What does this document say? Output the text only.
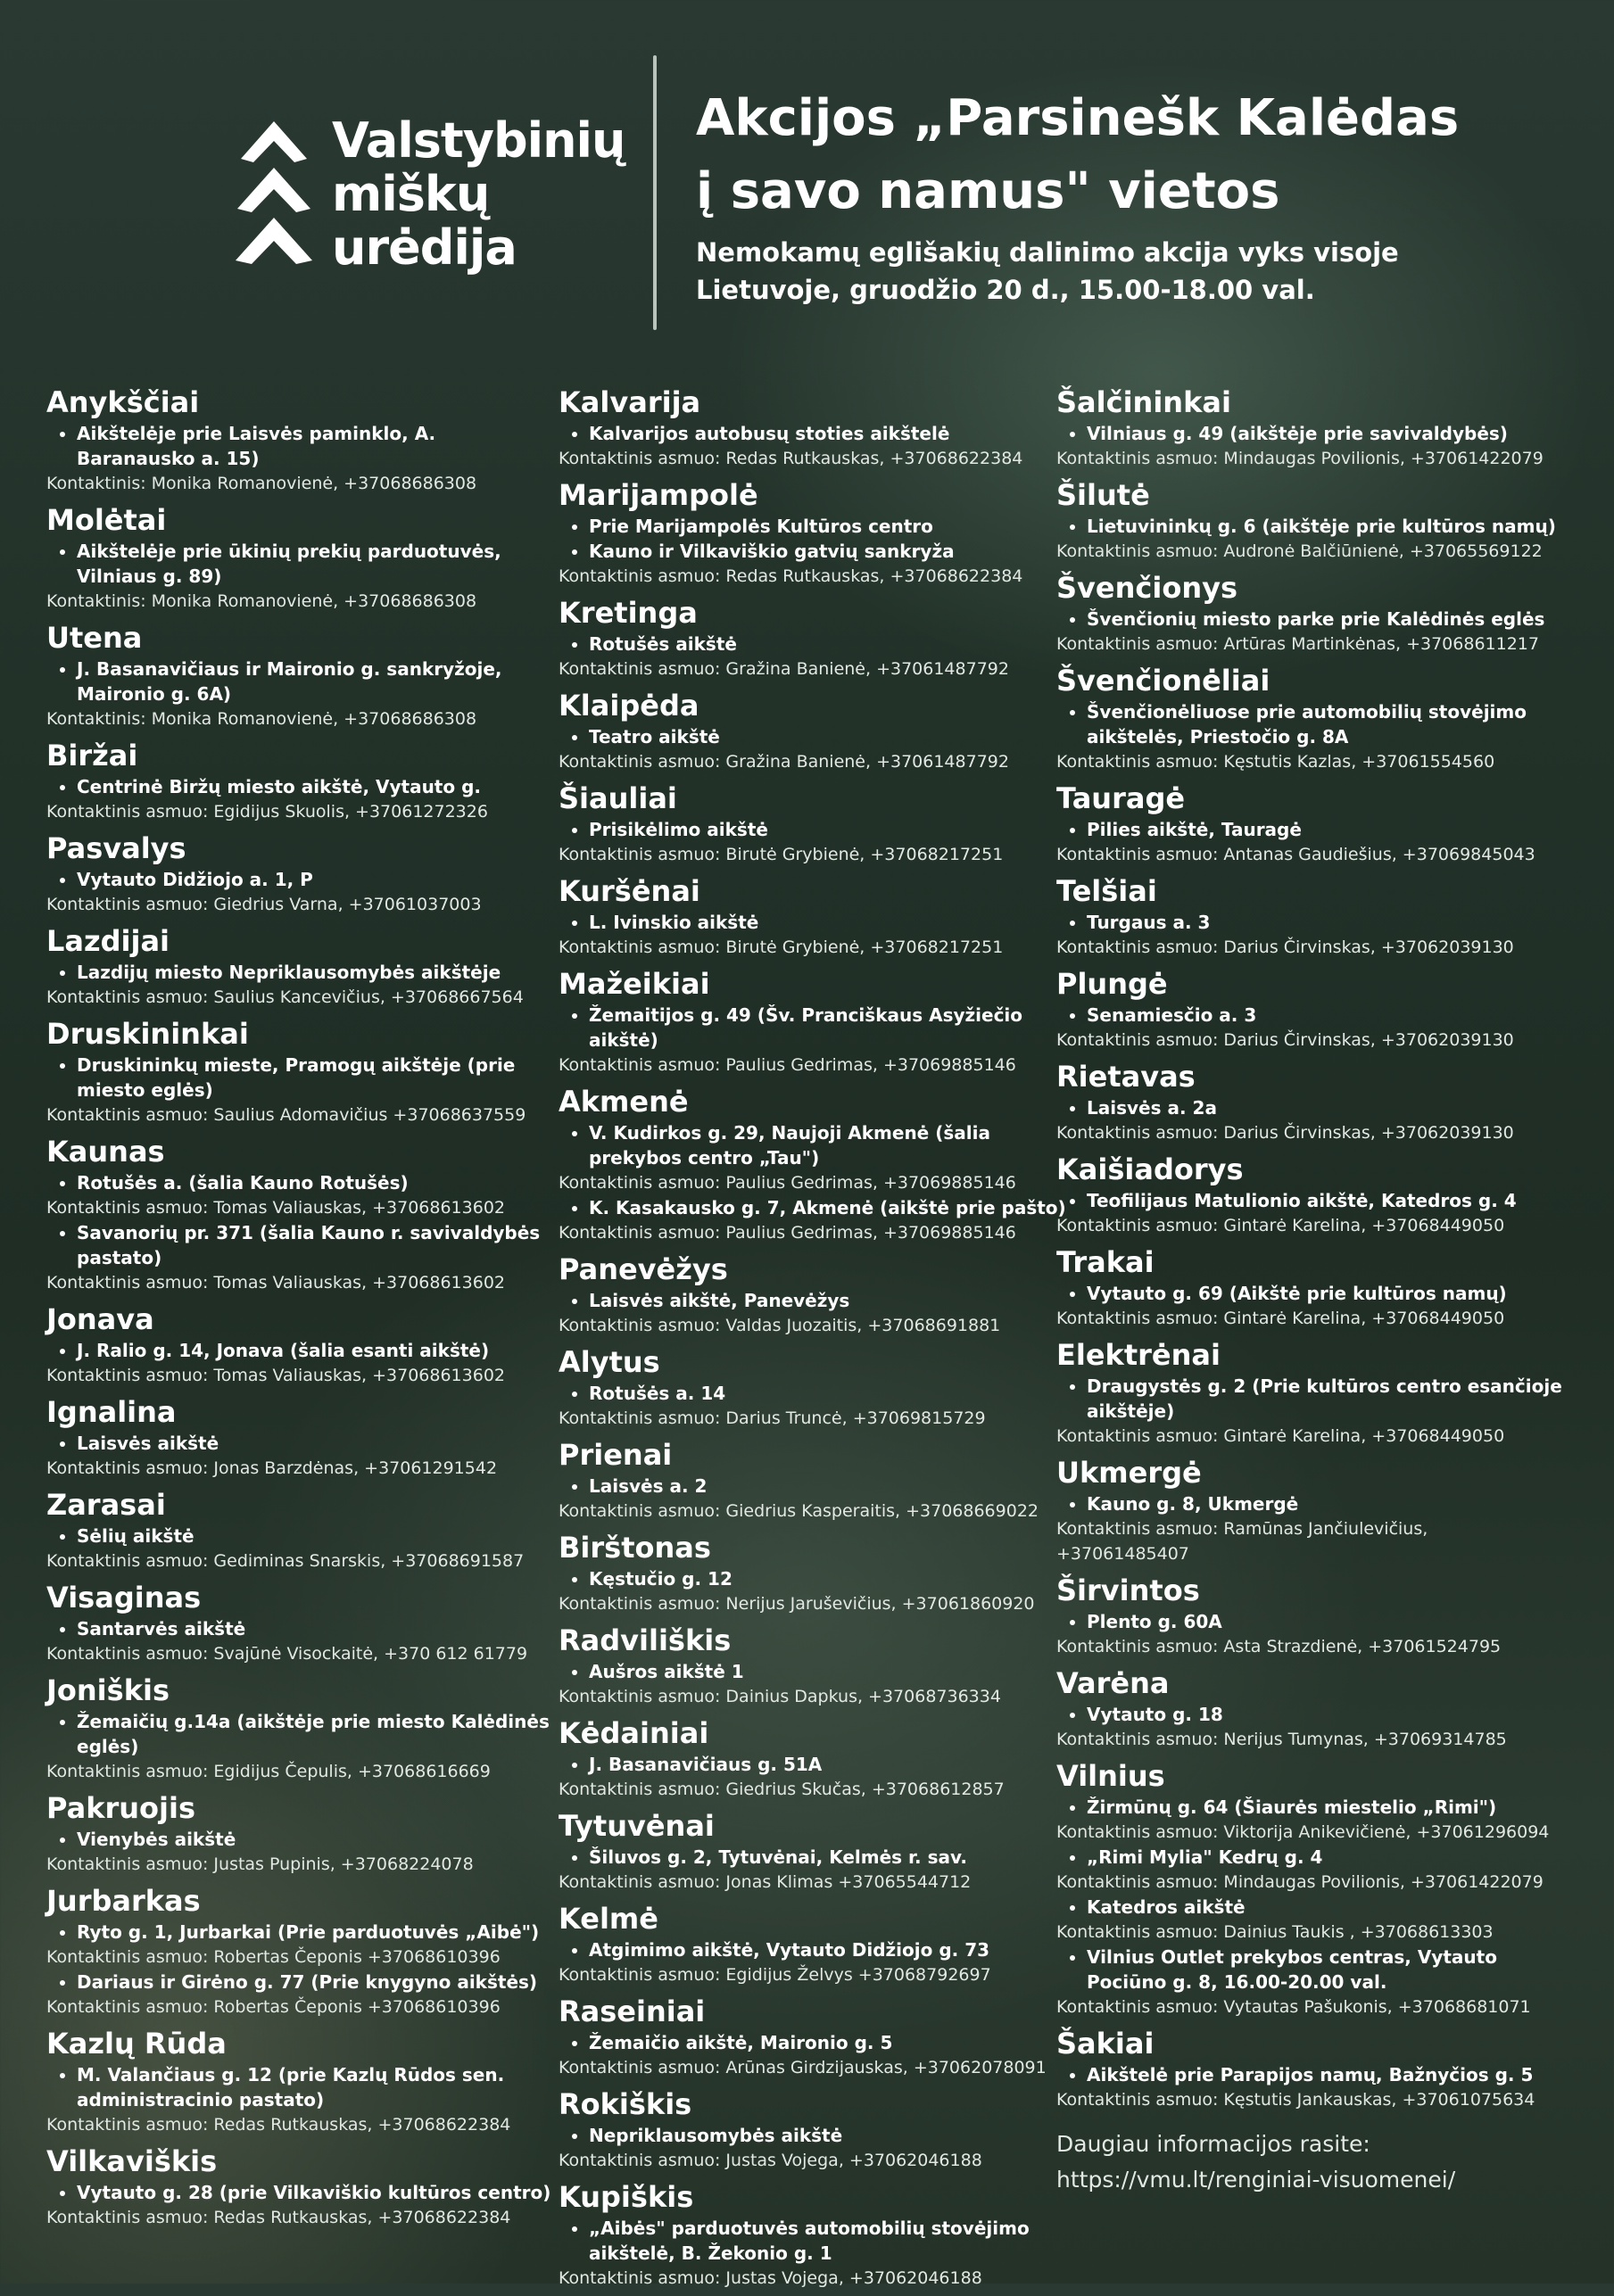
Valstybinių
miškų
urėdija
Akcijos „Parsinešk Kalėdas
į savo namus" vietos
Nemokamų eglišakių dalinimo akcija vyks visoje
Lietuvoje, gruodžio 20 d., 15.00-18.00 val.
Anykščiai
• Aikštelėje prie Laisvės paminklo, A. Baranausko a. 15)
Kontaktinis: Monika Romanovienė, +37068686308
Molėtai
• Aikštelėje prie ūkinių prekių parduotuvės, Vilniaus g. 89)
Kontaktinis: Monika Romanovienė, +37068686308
Utena
• J. Basanavičiaus ir Maironio g. sankryžoje, Maironio g. 6A)
Kontaktinis: Monika Romanovienė, +37068686308
Biržai
• Centrinė Biržų miesto aikštė, Vytauto g.
Kontaktinis asmuo: Egidijus Skuolis, +37061272326
Pasvalys
• Vytauto Didžiojo a. 1, P
Kontaktinis asmuo: Giedrius Varna, +37061037003
Lazdijai
• Lazdijų miesto Nepriklausomybės aikštėje
Kontaktinis asmuo: Saulius Kancevičius, +37068667564
Druskininkai
• Druskininkų mieste, Pramogų aikštėje (prie miesto eglės)
Kontaktinis asmuo: Saulius Adomavičius +37068637559
Kaunas
• Rotušės a. (šalia Kauno Rotušės)
Kontaktinis asmuo: Tomas Valiauskas, +37068613602
• Savanorių pr. 371 (šalia Kauno r. savivaldybės pastato)
Kontaktinis asmuo: Tomas Valiauskas, +37068613602
Jonava
• J. Ralio g. 14, Jonava (šalia esanti aikštė)
Kontaktinis asmuo: Tomas Valiauskas, +37068613602
Ignalina
• Laisvės aikštė
Kontaktinis asmuo: Jonas Barzdėnas, +37061291542
Zarasai
• Sėlių aikštė
Kontaktinis asmuo: Gediminas Snarskis, +37068691587
Visaginas
• Santarvės aikštė
Kontaktinis asmuo: Svajūnė Visockaitė, +370 612 61779
Joniškis
• Žemaičių g.14a (aikštėje prie miesto Kalėdinės eglės)
Kontaktinis asmuo: Egidijus Čepulis, +37068616669
Pakruojis
• Vienybės aikštė
Kontaktinis asmuo: Justas Pupinis, +37068224078
Jurbarkas
• Ryto g. 1, Jurbarkai (Prie parduotuvės „Aibė")
Kontaktinis asmuo: Robertas Čeponis +37068610396
• Dariaus ir Girėno g. 77 (Prie knygyno aikštės)
Kontaktinis asmuo: Robertas Čeponis +37068610396
Kazlų Rūda
• M. Valančiaus g. 12 (prie Kazlų Rūdos sen. administracinio pastato)
Kontaktinis asmuo: Redas Rutkauskas, +37068622384
Vilkaviškis
• Vytauto g. 28 (prie Vilkaviškio kultūros centro)
Kontaktinis asmuo: Redas Rutkauskas, +37068622384
Kalvarija
• Kalvarijos autobusų stoties aikštelė
Kontaktinis asmuo: Redas Rutkauskas, +37068622384
Marijampolė
• Prie Marijampolės Kultūros centro
• Kauno ir Vilkaviškio gatvių sankryža
Kontaktinis asmuo: Redas Rutkauskas, +37068622384
Kretinga
• Rotušės aikštė
Kontaktinis asmuo: Gražina Banienė, +37061487792
Klaipėda
• Teatro aikštė
Kontaktinis asmuo: Gražina Banienė, +37061487792
Šiauliai
• Prisikėlimo aikštė
Kontaktinis asmuo: Birutė Grybienė, +37068217251
Kuršėnai
• L. Ivinskio aikštė
Kontaktinis asmuo: Birutė Grybienė, +37068217251
Mažeikiai
• Žemaitijos g. 49 (Šv. Pranciškaus Asyžiečio aikštė)
Kontaktinis asmuo: Paulius Gedrimas, +37069885146
Akmenė
• V. Kudirkos g. 29, Naujoji Akmenė (šalia prekybos centro „Tau")
Kontaktinis asmuo: Paulius Gedrimas, +37069885146
• K. Kasakausko g. 7, Akmenė (aikštė prie pašto)
Kontaktinis asmuo: Paulius Gedrimas, +37069885146
Panevėžys
• Laisvės aikštė, Panevėžys
Kontaktinis asmuo: Valdas Juozaitis, +37068691881
Alytus
• Rotušės a. 14
Kontaktinis asmuo: Darius Truncė, +37069815729
Prienai
• Laisvės a. 2
Kontaktinis asmuo: Giedrius Kasperaitis, +37068669022
Birštonas
• Kęstučio g. 12
Kontaktinis asmuo: Nerijus Jaruševičius, +37061860920
Radviliškis
• Aušros aikštė 1
Kontaktinis asmuo: Dainius Dapkus, +37068736334
Kėdainiai
• J. Basanavičiaus g. 51A
Kontaktinis asmuo: Giedrius Skučas, +37068612857
Tytuvėnai
• Šiluvos g. 2, Tytuvėnai, Kelmės r. sav.
Kontaktinis asmuo: Jonas Klimas +37065544712
Kelmė
• Atgimimo aikštė, Vytauto Didžiojo g. 73
Kontaktinis asmuo: Egidijus Želvys +37068792697
Raseiniai
• Žemaičio aikštė, Maironio g. 5
Kontaktinis asmuo: Arūnas Girdzijauskas, +37062078091
Rokiškis
• Nepriklausomybės aikštė
Kontaktinis asmuo: Justas Vojega, +37062046188
Kupiškis
• „Aibės" parduotuvės automobilių stovėjimo aikštelė, B. Žekonio g. 1
Kontaktinis asmuo: Justas Vojega, +37062046188
Šalčininkai
• Vilniaus g. 49 (aikštėje prie savivaldybės)
Kontaktinis asmuo: Mindaugas Povilionis, +37061422079
Šilutė
• Lietuvininkų g. 6 (aikštėje prie kultūros namų)
Kontaktinis asmuo: Audronė Balčiūnienė, +37065569122
Švenčionys
• Švenčionių miesto parke prie Kalėdinės eglės
Kontaktinis asmuo: Artūras Martinkėnas, +37068611217
Švenčionėliai
• Švenčionėliuose prie automobilių stovėjimo aikštelės, Priestočio g. 8A
Kontaktinis asmuo: Kęstutis Kazlas, +37061554560
Tauragė
• Pilies aikštė, Tauragė
Kontaktinis asmuo: Antanas Gaudiešius, +37069845043
Telšiai
• Turgaus a. 3
Kontaktinis asmuo: Darius Čirvinskas, +37062039130
Plungė
• Senamiesčio a. 3
Kontaktinis asmuo: Darius Čirvinskas, +37062039130
Rietavas
• Laisvės a. 2a
Kontaktinis asmuo: Darius Čirvinskas, +37062039130
Kaišiadorys
• Teofilijaus Matulionio aikštė, Katedros g. 4
Kontaktinis asmuo: Gintarė Karelina, +37068449050
Trakai
• Vytauto g. 69 (Aikštė prie kultūros namų)
Kontaktinis asmuo: Gintarė Karelina, +37068449050
Elektrėnai
• Draugystės g. 2 (Prie kultūros centro esančioje aikštėje)
Kontaktinis asmuo: Gintarė Karelina, +37068449050
Ukmergė
• Kauno g. 8, Ukmergė
Kontaktinis asmuo: Ramūnas Jančiulevičius, +37061485407
Širvintos
• Plento g. 60A
Kontaktinis asmuo: Asta Strazdienė, +37061524795
Varėna
• Vytauto g. 18
Kontaktinis asmuo: Nerijus Tumynas, +37069314785
Vilnius
• Žirmūnų g. 64 (Šiaurės miestelio „Rimi")
Kontaktinis asmuo: Viktorija Anikevičienė, +37061296094
• „Rimi Mylia" Kedrų g. 4
Kontaktinis asmuo: Mindaugas Povilionis, +37061422079
• Katedros aikštė
Kontaktinis asmuo: Dainius Taukis , +37068613303
• Vilnius Outlet prekybos centras, Vytauto Pociūno g. 8, 16.00-20.00 val.
Kontaktinis asmuo: Vytautas Pašukonis, +37068681071
Šakiai
• Aikštelė prie Parapijos namų, Bažnyčios g. 5
Kontaktinis asmuo: Kęstutis Jankauskas, +37061075634
Daugiau informacijos rasite:
https://vmu.lt/renginiai-visuomenei/
